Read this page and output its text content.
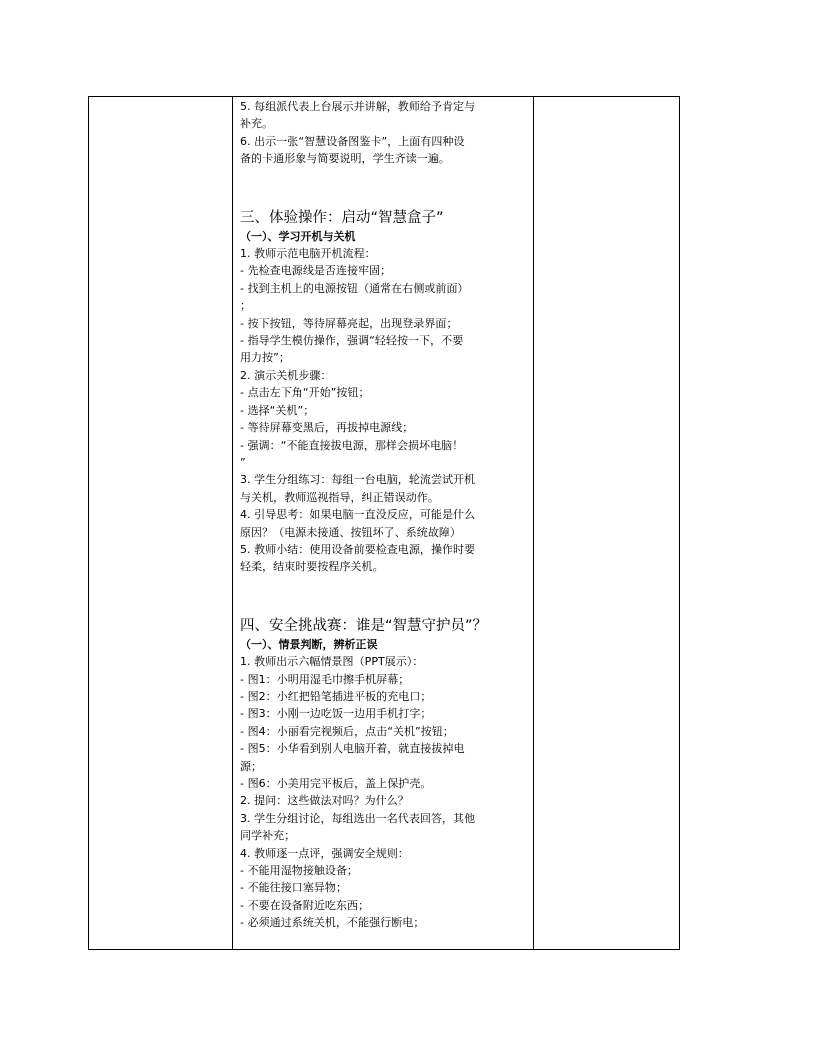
5. 每组派代表上台展示并讲解，教师给予肯定与
补充。
6. 出示一张“智慧设备图鉴卡”，上面有四种设
备的卡通形象与简要说明，学生齐读一遍。
三、体验操作：启动“智慧盒子”
（一）、学习开机与关机
1. 教师示范电脑开机流程：
- 先检查电源线是否连接牢固；
- 找到主机上的电源按钮（通常在右侧或前面）
；
- 按下按钮，等待屏幕亮起，出现登录界面；
- 指导学生模仿操作，强调“轻轻按一下，不要
用力按”；
2. 演示关机步骤：
- 点击左下角“开始”按钮；
- 选择“关机”；
- 等待屏幕变黑后，再拔掉电源线；
- 强调：“不能直接拔电源，那样会损坏电脑！
”
3. 学生分组练习：每组一台电脑，轮流尝试开机
与关机，教师巡视指导，纠正错误动作。
4. 引导思考：如果电脑一直没反应，可能是什么
原因？（电源未接通、按钮坏了、系统故障）
5. 教师小结：使用设备前要检查电源，操作时要
轻柔，结束时要按程序关机。
四、安全挑战赛：谁是“智慧守护员”？
（一）、情景判断，辨析正误
1. 教师出示六幅情景图（PPT展示）：
- 图1：小明用湿毛巾擦手机屏幕；
- 图2：小红把铅笔插进平板的充电口；
- 图3：小刚一边吃饭一边用手机打字；
- 图4：小丽看完视频后，点击“关机”按钮；
- 图5：小华看到别人电脑开着，就直接拔掉电
源；
- 图6：小美用完平板后，盖上保护壳。
2. 提问：这些做法对吗？为什么？
3. 学生分组讨论，每组选出一名代表回答，其他
同学补充；
4. 教师逐一点评，强调安全规则：
- 不能用湿物接触设备；
- 不能往接口塞异物；
- 不要在设备附近吃东西；
- 必须通过系统关机，不能强行断电；
